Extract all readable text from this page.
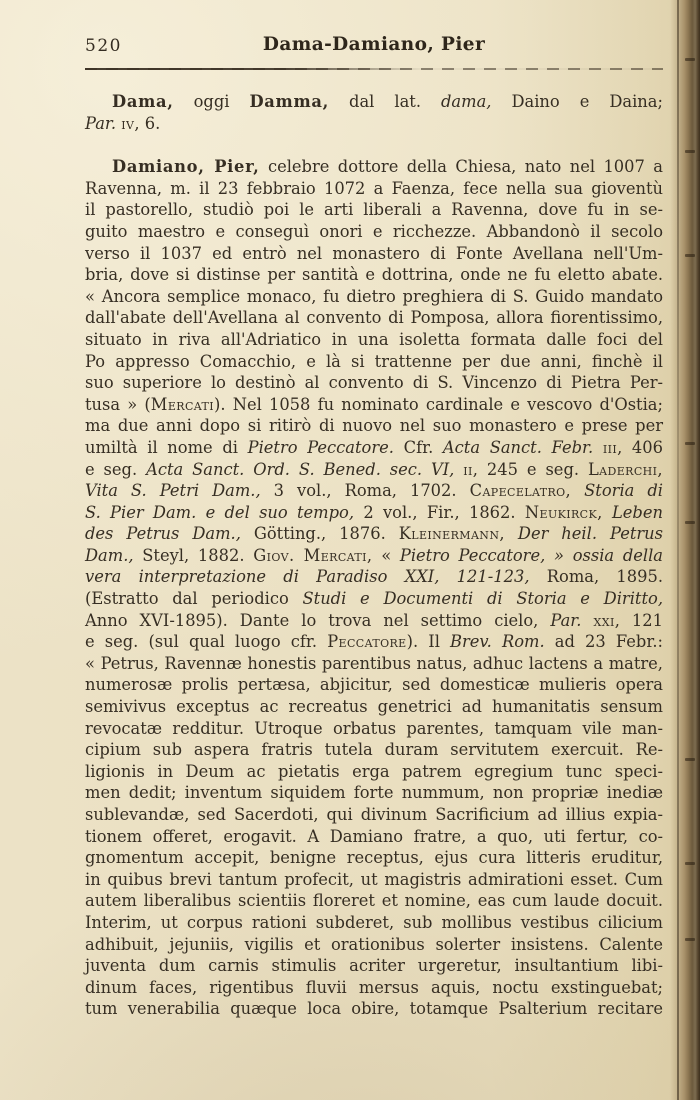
520	Dama-Damiano, Pier
Dama, oggi Damma, dal lat. dama, Daino e Daina;
Par. iv, 6.
Damiano, Pier, celebre dottore della Chiesa, nato nel 1007 a
Ravenna, m. il 23 febbraio 1072 a Faenza, fece nella sua gioventù
il pastorello, studiò poi le arti liberali a Ravenna, dove fu in se-
guito maestro e conseguì onori e ricchezze. Abbandonò il secolo
verso il 1037 ed entrò nel monastero di Fonte Avellana nell'Um-
bria, dove si distinse per santità e dottrina, onde ne fu eletto abate.
« Ancora semplice monaco, fu dietro preghiera di S. Guido mandato
dall'abate dell'Avellana al convento di Pomposa, allora fiorentissimo,
situato in riva all'Adriatico in una isoletta formata dalle foci del
Po appresso Comacchio, e là si trattenne per due anni, finchè il
suo superiore lo destinò al convento di S. Vincenzo di Pietra Per-
tusa » (Mercati). Nel 1058 fu nominato cardinale e vescovo d'Ostia;
ma due anni dopo si ritirò di nuovo nel suo monastero e prese per
umiltà il nome di Pietro Peccatore. Cfr. Acta Sanct. Febr. iii, 406
e seg. Acta Sanct. Ord. S. Bened. sec. VI, ii, 245 e seg. Laderchi,
Vita S. Petri Dam., 3 vol., Roma, 1702. Capecelatro, Storia di
S. Pier Dam. e del suo tempo, 2 vol., Fir., 1862. Neukirck, Leben
des Petrus Dam., Götting., 1876. Kleinermann, Der heil. Petrus
Dam., Steyl, 1882. Giov. Mercati, « Pietro Peccatore, » ossia della
vera interpretazione di Paradiso XXI, 121-123, Roma, 1895.
(Estratto dal periodico Studi e Documenti di Storia e Diritto,
Anno XVI-1895). Dante lo trova nel settimo cielo, Par. xxi, 121
e seg. (sul qual luogo cfr. Peccatore). Il Brev. Rom. ad 23 Febr.:
« Petrus, Ravennæ honestis parentibus natus, adhuc lactens a matre,
numerosæ prolis pertæsa, abjicitur, sed domesticæ mulieris opera
semivivus exceptus ac recreatus genetrici ad humanitatis sensum
revocatæ redditur. Utroque orbatus parentes, tamquam vile man-
cipium sub aspera fratris tutela duram servitutem exercuit. Re-
ligionis in Deum ac pietatis erga patrem egregium tunc speci-
men dedit; inventum siquidem forte nummum, non propriæ inediæ
sublevandæ, sed Sacerdoti, qui divinum Sacrificium ad illius expia-
tionem offeret, erogavit. A Damiano fratre, a quo, uti fertur, co-
gnomentum accepit, benigne receptus, ejus cura litteris eruditur,
in quibus brevi tantum profecit, ut magistris admirationi esset. Cum
autem liberalibus scientiis floreret et nomine, eas cum laude docuit.
Interim, ut corpus rationi subderet, sub mollibus vestibus cilicium
adhibuit, jejuniis, vigilis et orationibus solerter insistens. Calente
juventa dum carnis stimulis acriter urgeretur, insultantium libi-
dinum faces, rigentibus fluvii mersus aquis, noctu exstinguebat;
tum venerabilia quæque loca obire, totamque Psalterium recitare
